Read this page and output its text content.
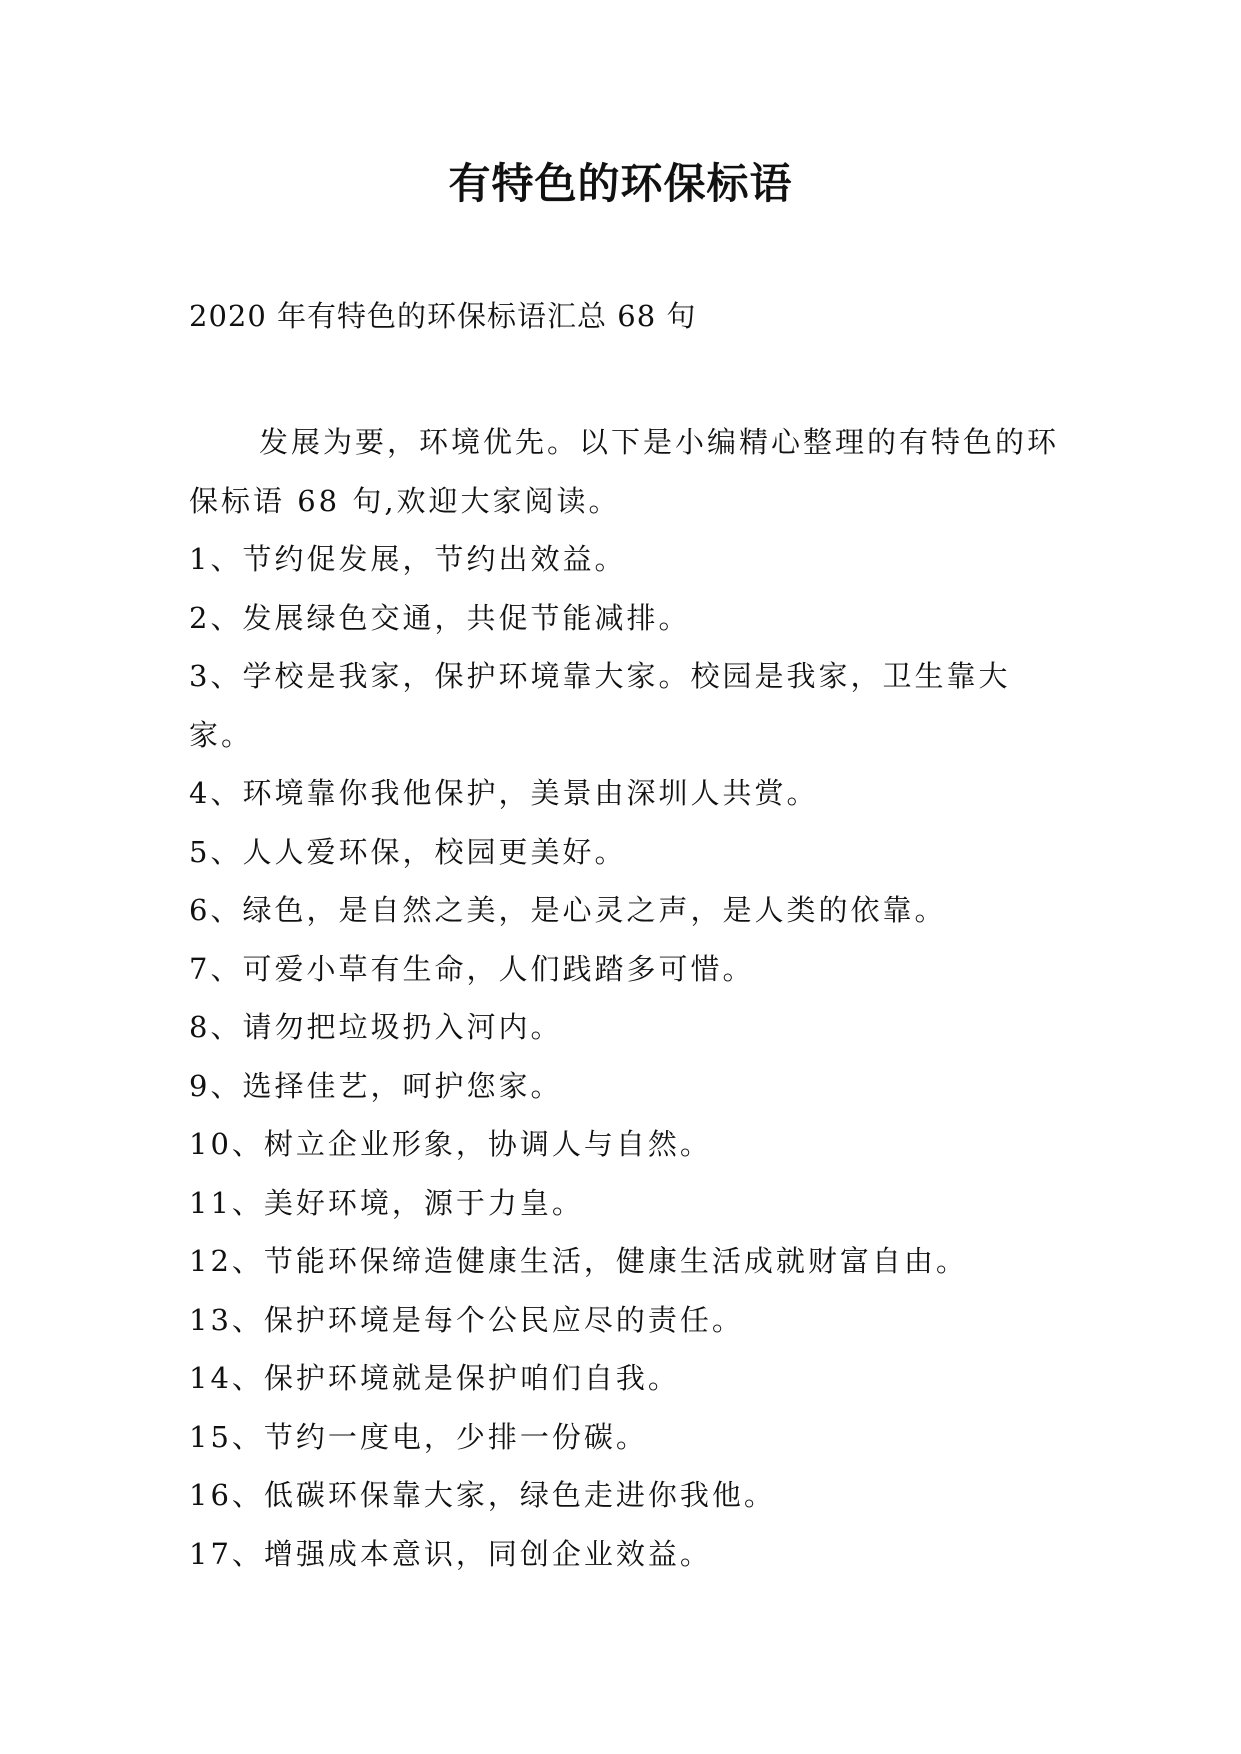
有特色的环保标语

2020 年有特色的环保标语汇总 68 句

发展为要，环境优先。以下是小编精心整理的有特色的环保标语 68 句,欢迎大家阅读。

1、节约促发展，节约出效益。

2、发展绿色交通，共促节能减排。

3、学校是我家，保护环境靠大家。校园是我家，卫生靠大家。

4、环境靠你我他保护，美景由深圳人共赏。

5、人人爱环保，校园更美好。

6、绿色，是自然之美，是心灵之声，是人类的依靠。

7、可爱小草有生命，人们践踏多可惜。

8、请勿把垃圾扔入河内。

9、选择佳艺，呵护您家。

10、树立企业形象，协调人与自然。

11、美好环境，源于力皇。

12、节能环保缔造健康生活，健康生活成就财富自由。

13、保护环境是每个公民应尽的责任。

14、保护环境就是保护咱们自我。

15、节约一度电，少排一份碳。

16、低碳环保靠大家，绿色走进你我他。

17、增强成本意识，同创企业效益。
